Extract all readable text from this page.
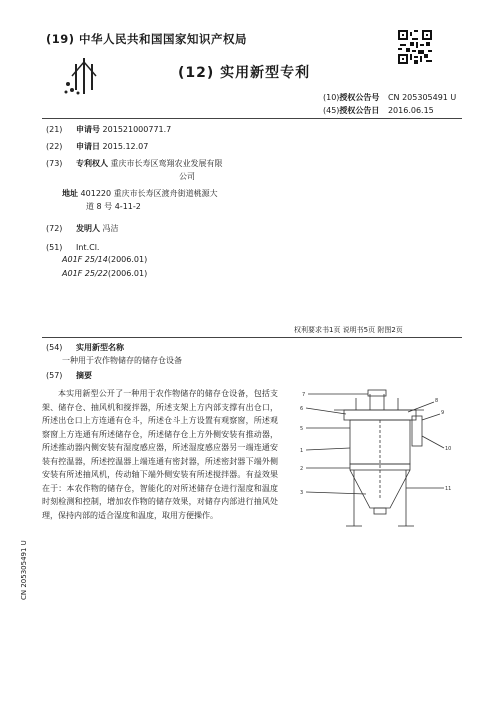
(19) 中华人民共和国国家知识产权局
(12) 实用新型专利
(10)授权公告号 CN 205305491 U
(45)授权公告日 2016.06.15
(21) 申请号 201521000771.7
(22) 申请日 2015.12.07
(73) 专利权人 重庆市长寿区鸾翔农业发展有限
公司
地址 401220 重庆市长寿区渡舟街道桃源大
道 8 号 4-11-2
(72) 发明人 冯洁
(51) Int.Cl.
A01F 25/14(2006.01)
A01F 25/22(2006.01)
权利要求书1页 说明书5页 附图2页
(54) 实用新型名称
一种用于农作物储存的储存仓设备
(57) 摘要

本实用新型公开了一种用于农作物储存的储存仓设备，包括支架、储存仓、抽风机和搅拌器，所述支架上方内部支撑有出仓口，所述出仓口上方连通有仓斗，所述仓斗上方设置有观察窗，所述观察窗上方连通有所述储存仓，所述储存仓上方外侧安装有推动器，所述推动器内侧安装有湿度感应器，所述湿度感应器另一端连通安装有控温器，所述控温器上端连通有密封器，所述密封器下端外侧安装有所述抽风机，传动轴下端外侧安装有所述搅拌器。有益效果在于：本农作物的储存仓，智能化的对所述储存仓进行湿度和温度时刻检测和控制，增加农作物的储存效果，对储存内部进行抽风处理，保持内部的适合湿度和温度，取用方便操作。

7
6
5
1
2
3
8
9
10
11
CN 205305491 U
